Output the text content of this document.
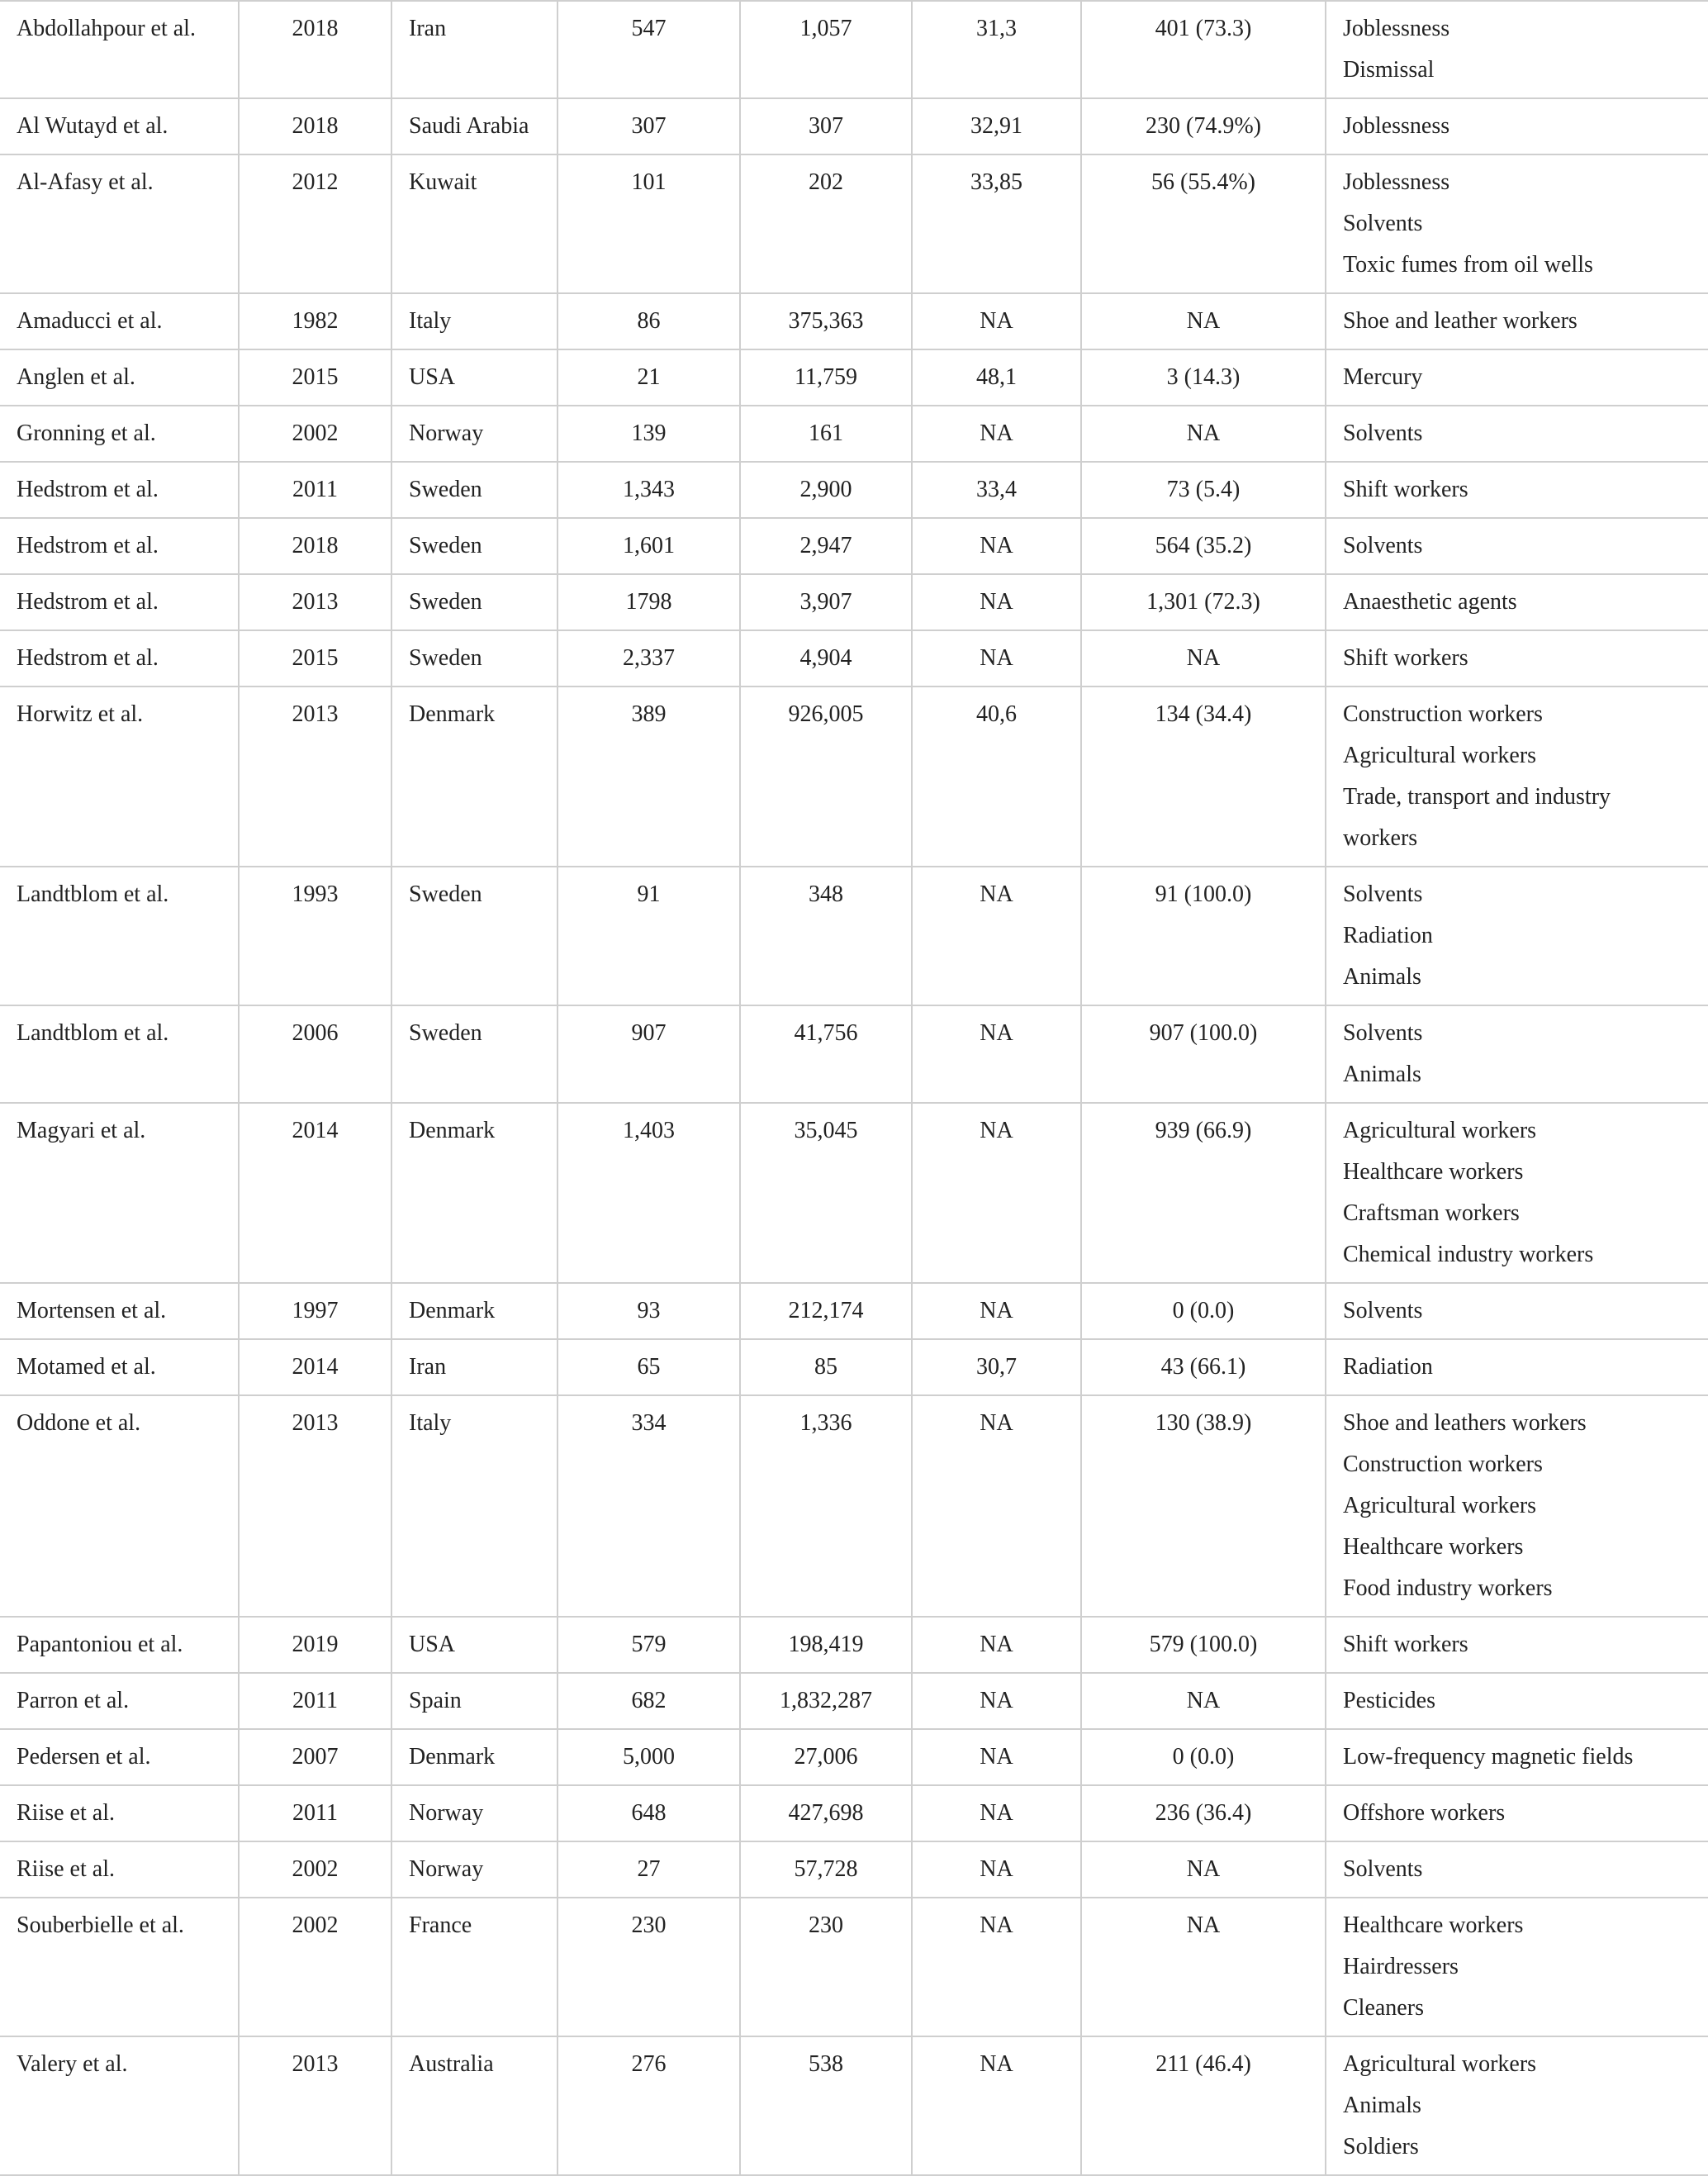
Abdollahpour et al.	2018	Iran	547	1,057	31,3	401 (73.3)	Joblessness
Dismissal

Al Wutayd et al.	2018	Saudi Arabia	307	307	32,91	230 (74.9%)	Joblessness

Al-Afasy et al.	2012	Kuwait	101	202	33,85	56 (55.4%)	Joblessness
Solvents
Toxic fumes from oil wells

Amaducci et al.	1982	Italy	86	375,363	NA	NA	Shoe and leather workers

Anglen et al.	2015	USA	21	11,759	48,1	3 (14.3)	Mercury

Gronning et al.	2002	Norway	139	161	NA	NA	Solvents

Hedstrom et al.	2011	Sweden	1,343	2,900	33,4	73 (5.4)	Shift workers

Hedstrom et al.	2018	Sweden	1,601	2,947	NA	564 (35.2)	Solvents

Hedstrom et al.	2013	Sweden	1798	3,907	NA	1,301 (72.3)	Anaesthetic agents

Hedstrom et al.	2015	Sweden	2,337	4,904	NA	NA	Shift workers

Horwitz et al.	2013	Denmark	389	926,005	40,6	134 (34.4)	Construction workers
Agricultural workers
Trade, transport and industry
workers

Landtblom et al.	1993	Sweden	91	348	NA	91 (100.0)	Solvents
Radiation
Animals

Landtblom et al.	2006	Sweden	907	41,756	NA	907 (100.0)	Solvents
Animals

Magyari et al.	2014	Denmark	1,403	35,045	NA	939 (66.9)	Agricultural workers
Healthcare workers
Craftsman workers
Chemical industry workers

Mortensen et al.	1997	Denmark	93	212,174	NA	0 (0.0)	Solvents

Motamed et al.	2014	Iran	65	85	30,7	43 (66.1)	Radiation

Oddone et al.	2013	Italy	334	1,336	NA	130 (38.9)	Shoe and leathers workers
Construction workers
Agricultural workers
Healthcare workers
Food industry workers

Papantoniou et al.	2019	USA	579	198,419	NA	579 (100.0)	Shift workers

Parron et al.	2011	Spain	682	1,832,287	NA	NA	Pesticides

Pedersen et al.	2007	Denmark	5,000	27,006	NA	0 (0.0)	Low-frequency magnetic fields

Riise et al.	2011	Norway	648	427,698	NA	236 (36.4)	Offshore workers

Riise et al.	2002	Norway	27	57,728	NA	NA	Solvents

Souberbielle et al.	2002	France	230	230	NA	NA	Healthcare workers
Hairdressers
Cleaners

Valery et al.	2013	Australia	276	538	NA	211 (46.4)	Agricultural workers
Animals
Soldiers
